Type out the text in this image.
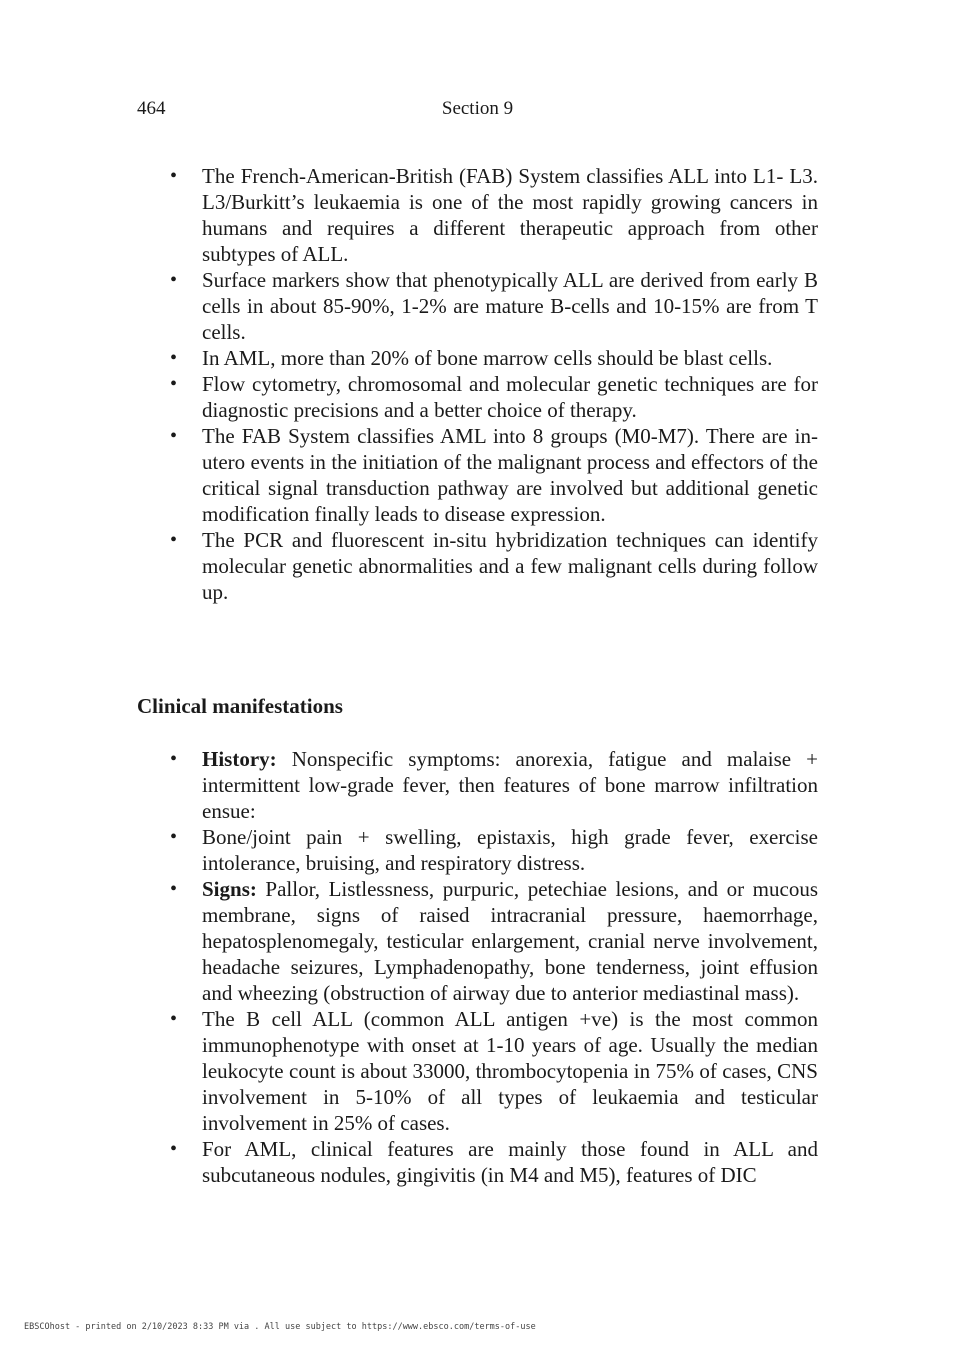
464	Section 9
• The French-American-British (FAB) System classifies ALL into L1- L3. L3/Burkitt’s leukaemia is one of the most rapidly growing cancers in humans and requires a different therapeutic approach from other subtypes of ALL.
• Surface markers show that phenotypically ALL are derived from early B cells in about 85-90%, 1-2% are mature B-cells and 10-15% are from T cells.
• In AML, more than 20% of bone marrow cells should be blast cells.
• Flow cytometry, chromosomal and molecular genetic techniques are for diagnostic precisions and a better choice of therapy.
• The FAB System classifies AML into 8 groups (M0-M7). There are in-utero events in the initiation of the malignant process and effectors of the critical signal transduction pathway are involved but additional genetic modification finally leads to disease expression.
• The PCR and fluorescent in-situ hybridization techniques can identify molecular genetic abnormalities and a few malignant cells during follow up.
Clinical manifestations
• History: Nonspecific symptoms: anorexia, fatigue and malaise + intermittent low-grade fever, then features of bone marrow infiltration ensue:
• Bone/joint pain + swelling, epistaxis, high grade fever, exercise intolerance, bruising, and respiratory distress.
• Signs: Pallor, Listlessness, purpuric, petechiae lesions, and or mucous membrane, signs of raised intracranial pressure, haemorrhage, hepatosplenomegaly, testicular enlargement, cranial nerve involvement, headache seizures, Lymphadenopathy, bone tenderness, joint effusion and wheezing (obstruction of airway due to anterior mediastinal mass).
• The B cell ALL (common ALL antigen +ve) is the most common immunophenotype with onset at 1-10 years of age. Usually the median leukocyte count is about 33000, thrombocytopenia in 75% of cases, CNS involvement in 5-10% of all types of leukaemia and testicular involvement in 25% of cases.
• For AML, clinical features are mainly those found in ALL and subcutaneous nodules, gingivitis (in M4 and M5), features of DIC
EBSCOhost - printed on 2/10/2023 8:33 PM via . All use subject to https://www.ebsco.com/terms-of-use
